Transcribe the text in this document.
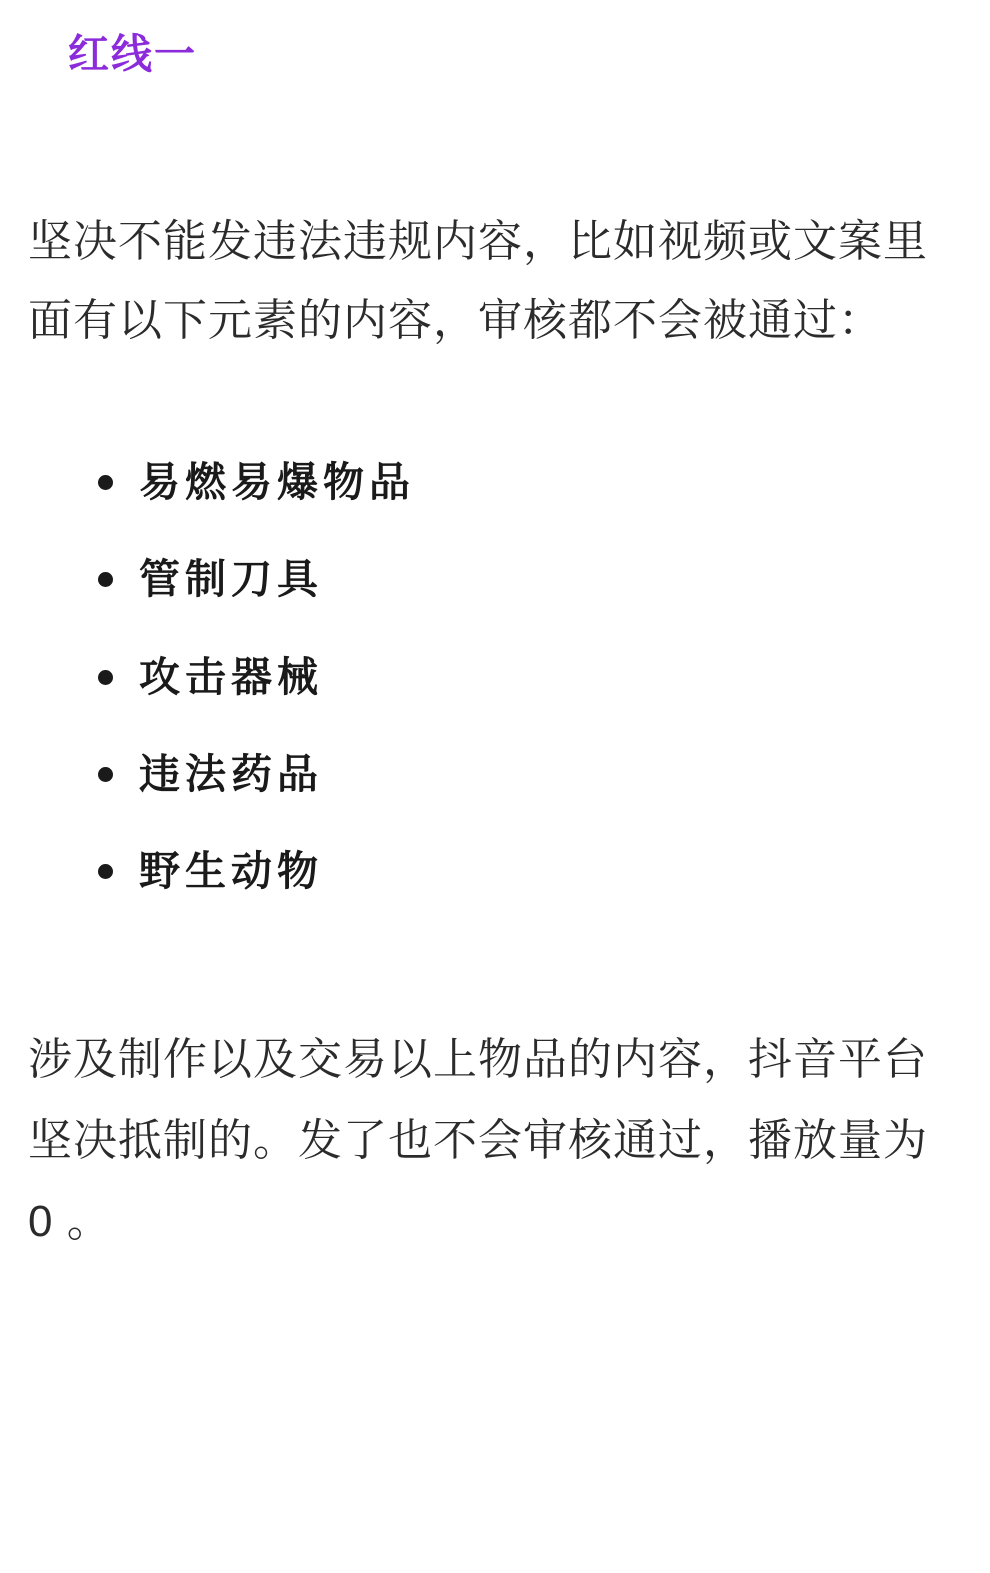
红线一

坚决不能发违法违规内容，比如视频或文案里面有以下元素的内容，审核都不会被通过：

易燃易爆物品
管制刀具
攻击器械
违法药品
野生动物

涉及制作以及交易以上物品的内容，抖音平台坚决抵制的。发了也不会审核通过，播放量为0 。
